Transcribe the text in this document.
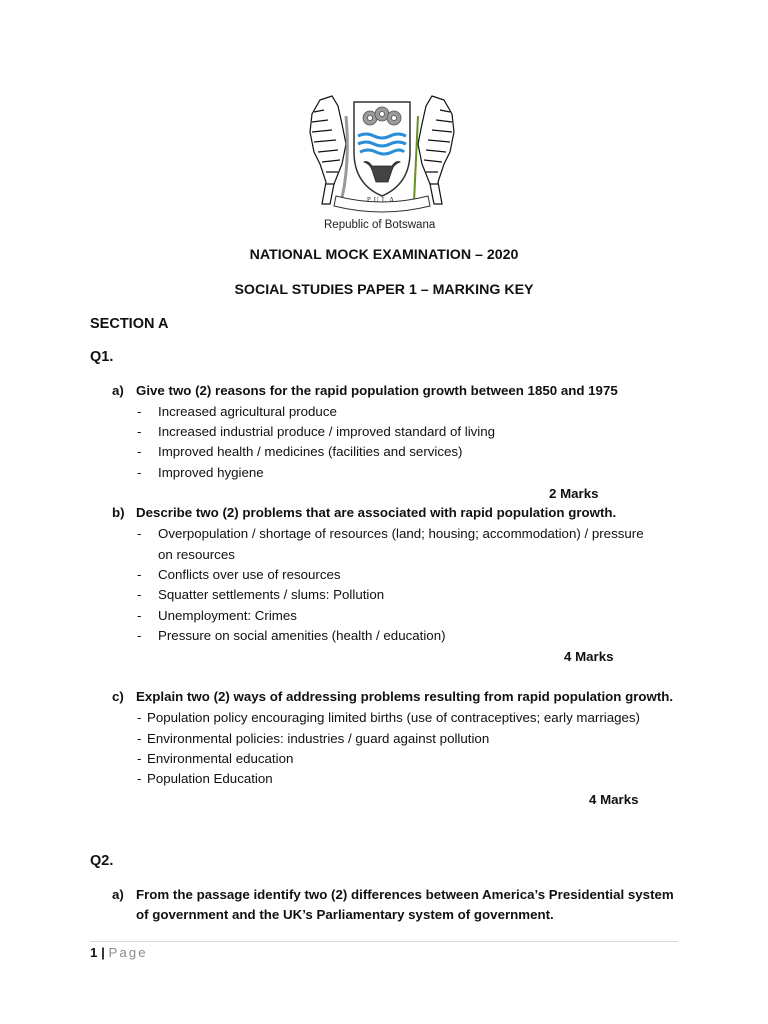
PULA
Republic of Botswana
NATIONAL MOCK EXAMINATION – 2020
SOCIAL STUDIES PAPER 1 – MARKING KEY
SECTION A
Q1.
a) Give two (2) reasons for the rapid population growth between 1850 and 1975
- Increased agricultural produce
- Increased industrial produce / improved standard of living
- Improved health / medicines (facilities and services)
- Improved hygiene
2 Marks
b) Describe two (2) problems that are associated with rapid population growth.
- Overpopulation / shortage of resources (land; housing; accommodation) / pressure
on resources
- Conflicts over use of resources
- Squatter settlements / slums: Pollution
- Unemployment: Crimes
- Pressure on social amenities (health / education)
4 Marks
c) Explain two (2) ways of addressing problems resulting from rapid population growth.
- Population policy encouraging limited births (use of contraceptives; early marriages)
- Environmental policies: industries / guard against pollution
- Environmental education
- Population Education
4 Marks
Q2.
a) From the passage identify two (2) differences between America’s Presidential system
of government and the UK’s Parliamentary system of government.
1 | Page
